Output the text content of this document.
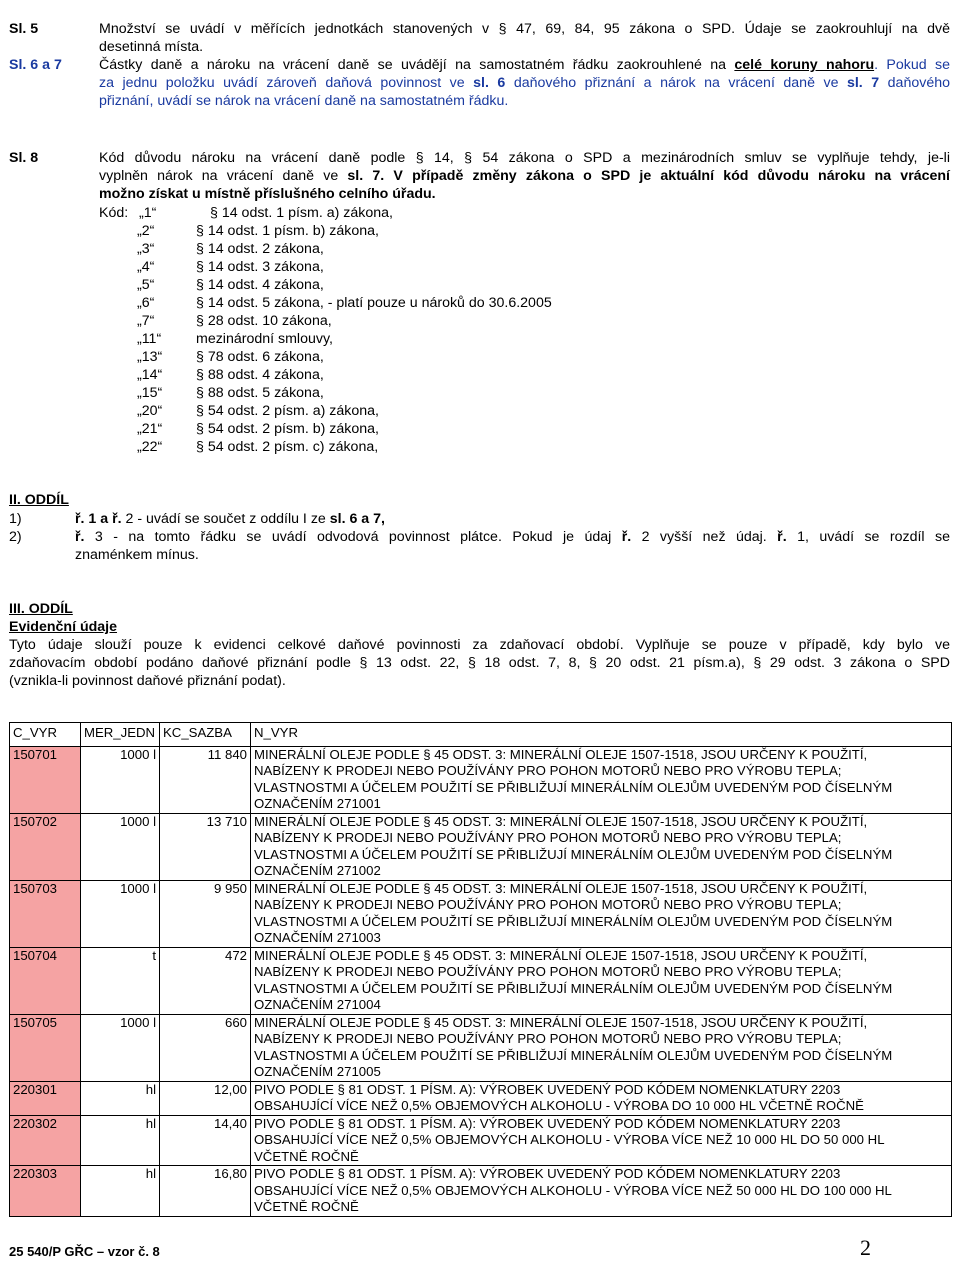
Sl. 5	Množství se uvádí v měřících jednotkách stanovených v § 47, 69, 84, 95 zákona o SPD. Údaje se zaokrouhlují na dvě
desetinná místa.
Sl. 6 a 7	Částky daně a nároku na vrácení daně se uvádějí na samostatném řádku zaokrouhlené na celé koruny nahoru. Pokud se
za jednu položku uvádí zároveň daňová povinnost ve sl. 6 daňového přiznání a nárok na vrácení daně ve sl. 7 daňového
přiznání, uvádí se nárok na vrácení daně na samostatném řádku.
Sl. 8	Kód důvodu nároku na vrácení daně podle § 14, § 54 zákona o SPD a mezinárodních smluv se vyplňuje tehdy, je-li
vyplněn nárok na vrácení daně ve sl. 7. V případě změny zákona o SPD je aktuální kód důvodu nároku na vrácení
možno získat u místně příslušného celního úřadu.
Kód: „1“	§ 14 odst. 1 písm. a) zákona,
„2“	§ 14 odst. 1 písm. b) zákona,
„3“	§ 14 odst. 2 zákona,
„4“	§ 14 odst. 3 zákona,
„5“	§ 14 odst. 4 zákona,
„6“	§ 14 odst. 5 zákona, - platí pouze u nároků do 30.6.2005
„7“	§ 28 odst. 10 zákona,
„11“ mezinárodní smlouvy,
„13“ § 78 odst. 6 zákona,
„14“ § 88 odst. 4 zákona,
„15“ § 88 odst. 5 zákona,
„20“ § 54 odst. 2 písm. a) zákona,
„21“ § 54 odst. 2 písm. b) zákona,
„22“ § 54 odst. 2 písm. c) zákona,
II. ODDÍL
1)	ř. 1 a ř. 2 - uvádí se součet z oddílu I ze sl. 6 a 7,
2)	ř. 3 - na tomto řádku se uvádí odvodová povinnost plátce. Pokud je údaj ř. 2 vyšší než údaj. ř. 1, uvádí se rozdíl se
znaménkem mínus.
III. ODDÍL
Evidenční údaje
Tyto údaje slouží pouze k evidenci celkové daňové povinnosti za zdaňovací období. Vyplňuje se pouze v případě, kdy bylo ve
zdaňovacím období podáno daňové přiznání podle § 13 odst. 22, § 18 odst. 7, 8, § 20 odst. 21 písm.a), § 29 odst. 3 zákona o SPD
(vznikla-li povinnost daňové přiznání podat).
C_VYR	MER_JEDN	KC_SAZBA	N_VYR
150701	1000 l	11 840	MINERÁLNÍ OLEJE PODLE § 45 ODST. 3: MINERÁLNÍ OLEJE 1507-1518, JSOU URČENY K POUŽITÍ,
NABÍZENY K PRODEJI NEBO POUŽÍVÁNY PRO POHON MOTORŮ NEBO PRO VÝROBU TEPLA;
VLASTNOSTMI A ÚČELEM POUŽITÍ SE PŘIBLIŽUJÍ MINERÁLNÍM OLEJŮM UVEDENÝM POD ČÍSELNÝM
OZNAČENÍM 271001

150702	1000 l	13 710	MINERÁLNÍ OLEJE PODLE § 45 ODST. 3: MINERÁLNÍ OLEJE 1507-1518, JSOU URČENY K POUŽITÍ,
NABÍZENY K PRODEJI NEBO POUŽÍVÁNY PRO POHON MOTORŮ NEBO PRO VÝROBU TEPLA;
VLASTNOSTMI A ÚČELEM POUŽITÍ SE PŘIBLIŽUJÍ MINERÁLNÍM OLEJŮM UVEDENÝM POD ČÍSELNÝM
OZNAČENÍM 271002

150703	1000 l	9 950	MINERÁLNÍ OLEJE PODLE § 45 ODST. 3: MINERÁLNÍ OLEJE 1507-1518, JSOU URČENY K POUŽITÍ,
NABÍZENY K PRODEJI NEBO POUŽÍVÁNY PRO POHON MOTORŮ NEBO PRO VÝROBU TEPLA;
VLASTNOSTMI A ÚČELEM POUŽITÍ SE PŘIBLIŽUJÍ MINERÁLNÍM OLEJŮM UVEDENÝM POD ČÍSELNÝM
OZNAČENÍM 271003

150704	t	472	MINERÁLNÍ OLEJE PODLE § 45 ODST. 3: MINERÁLNÍ OLEJE 1507-1518, JSOU URČENY K POUŽITÍ,
NABÍZENY K PRODEJI NEBO POUŽÍVÁNY PRO POHON MOTORŮ NEBO PRO VÝROBU TEPLA;
VLASTNOSTMI A ÚČELEM POUŽITÍ SE PŘIBLIŽUJÍ MINERÁLNÍM OLEJŮM UVEDENÝM POD ČÍSELNÝM
OZNAČENÍM 271004

150705	1000 l	660	MINERÁLNÍ OLEJE PODLE § 45 ODST. 3: MINERÁLNÍ OLEJE 1507-1518, JSOU URČENY K POUŽITÍ,
NABÍZENY K PRODEJI NEBO POUŽÍVÁNY PRO POHON MOTORŮ NEBO PRO VÝROBU TEPLA;
VLASTNOSTMI A ÚČELEM POUŽITÍ SE PŘIBLIŽUJÍ MINERÁLNÍM OLEJŮM UVEDENÝM POD ČÍSELNÝM
OZNAČENÍM 271005

220301	hl	12,00	PIVO PODLE § 81 ODST. 1 PÍSM. A): VÝROBEK UVEDENÝ POD KÓDEM NOMENKLATURY 2203
OBSAHUJÍCÍ VÍCE NEŽ 0,5% OBJEMOVÝCH ALKOHOLU - VÝROBA DO 10 000 HL VČETNĚ ROČNĚ

220302	hl	14,40	PIVO PODLE § 81 ODST. 1 PÍSM. A): VÝROBEK UVEDENÝ POD KÓDEM NOMENKLATURY 2203
OBSAHUJÍCÍ VÍCE NEŽ 0,5% OBJEMOVÝCH ALKOHOLU - VÝROBA VÍCE NEŽ 10 000 HL DO 50 000 HL
VČETNĚ ROČNĚ

220303	hl	16,80	PIVO PODLE § 81 ODST. 1 PÍSM. A): VÝROBEK UVEDENÝ POD KÓDEM NOMENKLATURY 2203
OBSAHUJÍCÍ VÍCE NEŽ 0,5% OBJEMOVÝCH ALKOHOLU - VÝROBA VÍCE NEŽ 50 000 HL DO 100 000 HL
VČETNĚ ROČNĚ
25 540/P GŘC – vzor č. 8	2
